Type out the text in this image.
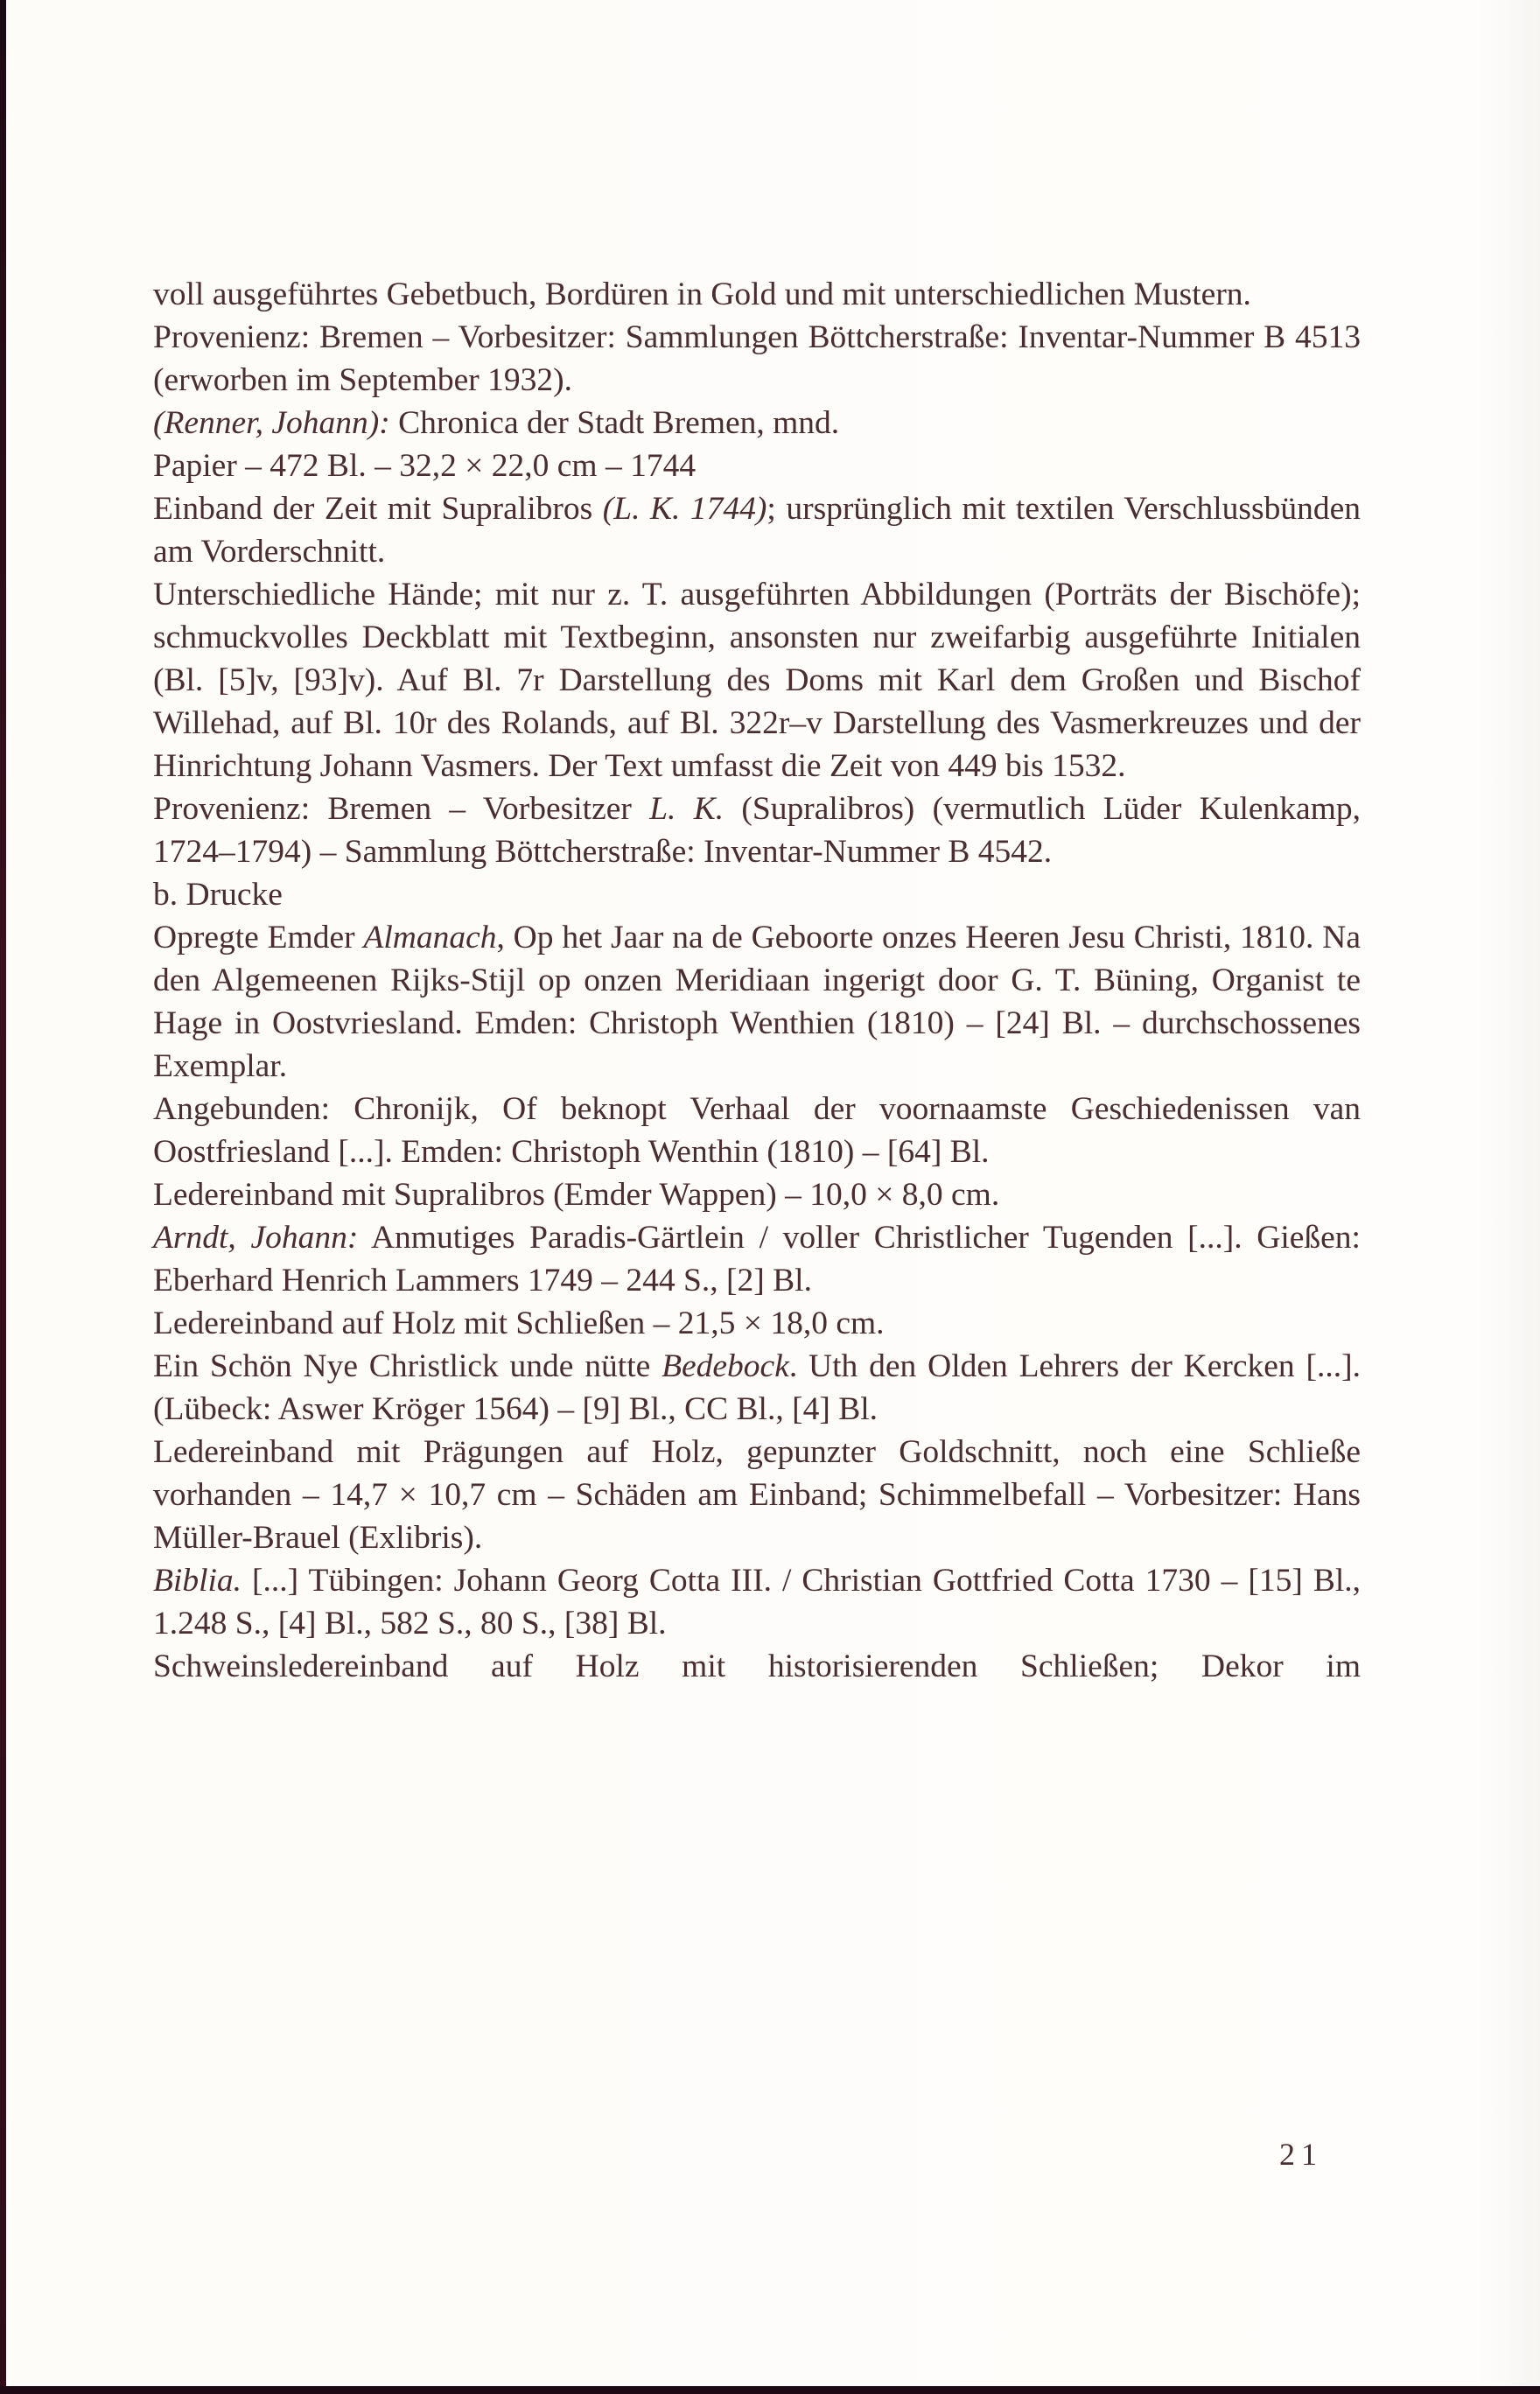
voll ausgeführtes Gebetbuch, Bordüren in Gold und mit unterschiedlichen Mustern.

Provenienz: Bremen – Vorbesitzer: Sammlungen Böttcherstraße: Inventar-Nummer B 4513 (erworben im September 1932).

(Renner, Johann): Chronica der Stadt Bremen, mnd.

Papier – 472 Bl. – 32,2 × 22,0 cm – 1744

Einband der Zeit mit Supralibros (L. K. 1744); ursprünglich mit textilen Verschlussbünden am Vorderschnitt.

Unterschiedliche Hände; mit nur z. T. ausgeführten Abbildungen (Porträts der Bischöfe); schmuckvolles Deckblatt mit Textbeginn, ansonsten nur zweifarbig ausgeführte Initialen (Bl. [5]v, [93]v). Auf Bl. 7r Darstellung des Doms mit Karl dem Großen und Bischof Willehad, auf Bl. 10r des Rolands, auf Bl. 322r–v Darstellung des Vasmerkreuzes und der Hinrichtung Johann Vasmers. Der Text umfasst die Zeit von 449 bis 1532.

Provenienz: Bremen – Vorbesitzer L. K. (Supralibros) (vermutlich Lüder Kulenkamp, 1724–1794) – Sammlung Böttcherstraße: Inventar-Nummer B 4542.

b. Drucke

Opregte Emder Almanach, Op het Jaar na de Geboorte onzes Heeren Jesu Christi, 1810. Na den Algemeenen Rijks-Stijl op onzen Meridiaan ingerigt door G. T. Büning, Organist te Hage in Oostvriesland. Emden: Christoph Wenthien (1810) – [24] Bl. – durchschossenes Exemplar.

Angebunden: Chronijk, Of beknopt Verhaal der voornaamste Geschiedenissen van Oostfriesland [...]. Emden: Christoph Wenthin (1810) – [64] Bl.

Ledereinband mit Supralibros (Emder Wappen) – 10,0 × 8,0 cm.

Arndt, Johann: Anmutiges Paradis-Gärtlein / voller Christlicher Tugenden [...]. Gießen: Eberhard Henrich Lammers 1749 – 244 S., [2] Bl.

Ledereinband auf Holz mit Schließen – 21,5 × 18,0 cm.

Ein Schön Nye Christlick unde nütte Bedebock. Uth den Olden Lehrers der Kercken [...]. (Lübeck: Aswer Kröger 1564) – [9] Bl., CC Bl., [4] Bl.

Ledereinband mit Prägungen auf Holz, gepunzter Goldschnitt, noch eine Schließe vorhanden – 14,7 × 10,7 cm – Schäden am Einband; Schimmelbefall – Vorbesitzer: Hans Müller-Brauel (Exlibris).

Biblia. [...] Tübingen: Johann Georg Cotta III. / Christian Gottfried Cotta 1730 – [15] Bl., 1.248 S., [4] Bl., 582 S., 80 S., [38] Bl.

Schweinsledereinband auf Holz mit historisierenden Schließen; Dekor im

21
